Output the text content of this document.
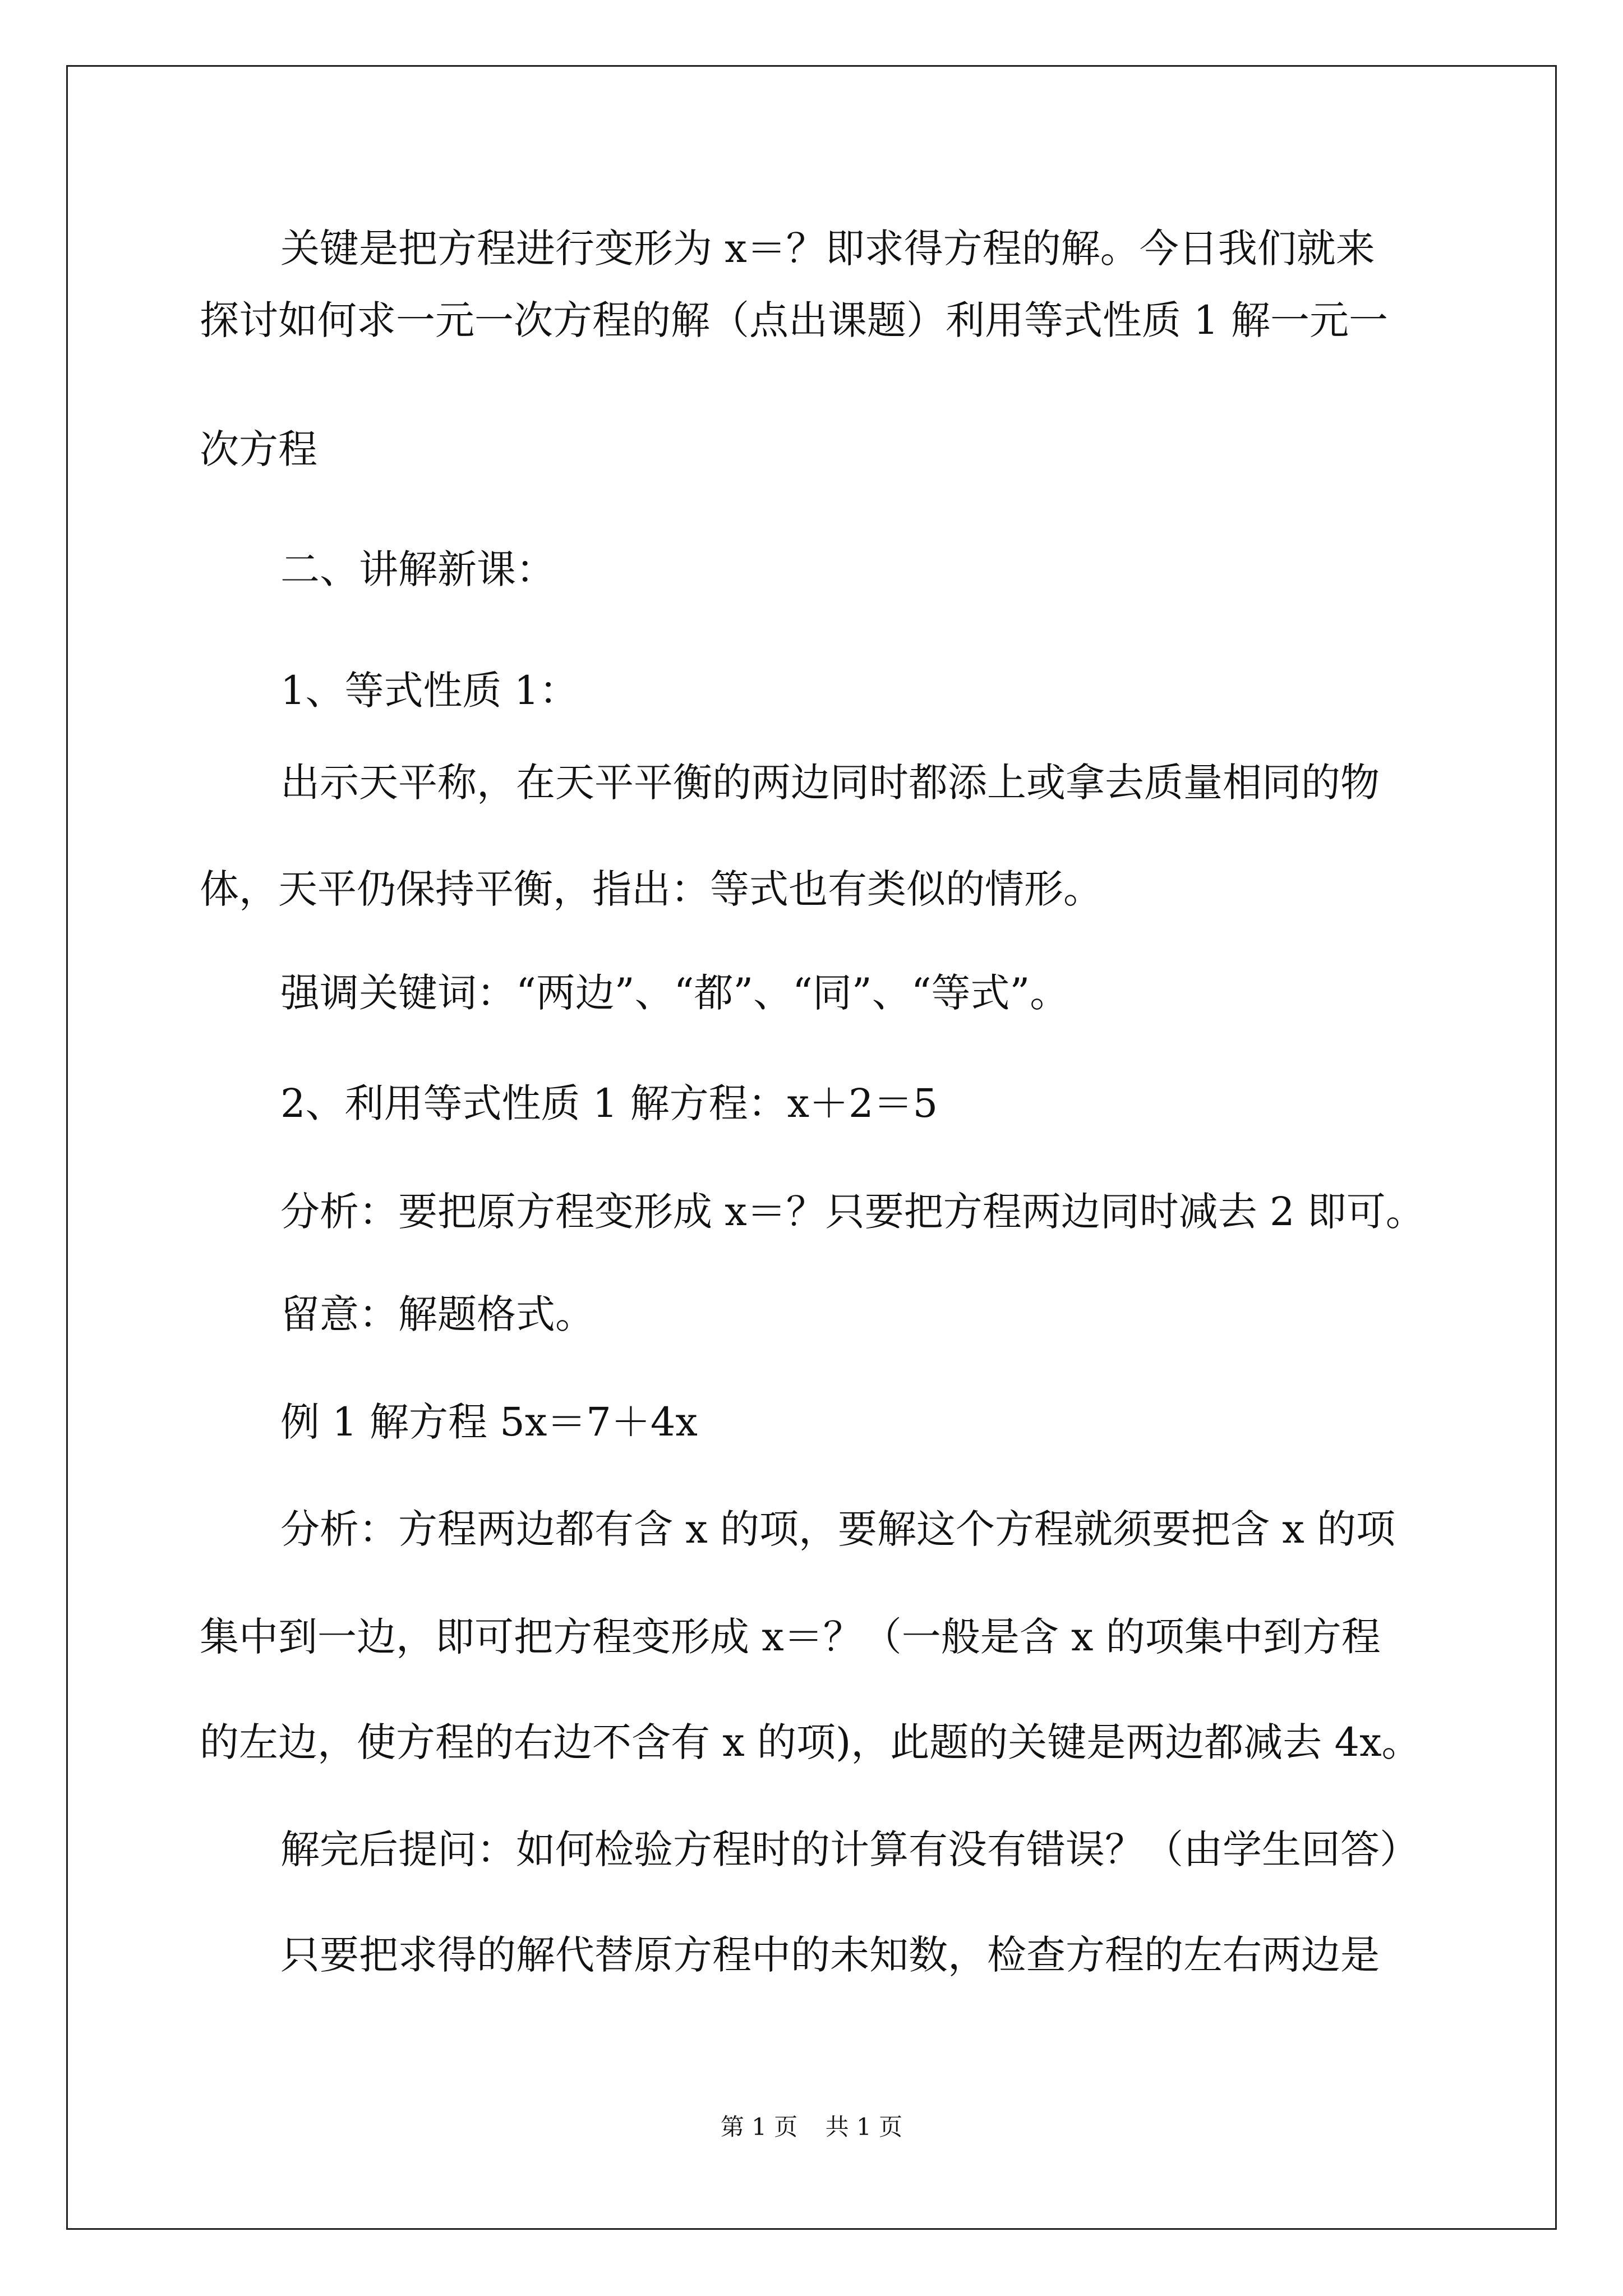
关键是把方程进行变形为 x＝？即求得方程的解。今日我们就来
探讨如何求一元一次方程的解（点出课题）利用等式性质 1 解一元一
次方程
二、讲解新课：
1、等式性质 1：
出示天平称，在天平平衡的两边同时都添上或拿去质量相同的物
体，天平仍保持平衡，指出：等式也有类似的情形。
强调关键词：“两边”、“都”、“同”、“等式”。
2、利用等式性质 1 解方程：x＋2＝5
分析：要把原方程变形成 x＝？只要把方程两边同时减去 2 即可。
留意：解题格式。
例 1 解方程 5x＝7＋4x
分析：方程两边都有含 x 的项，要解这个方程就须要把含 x 的项
集中到一边，即可把方程变形成 x＝？（一般是含 x 的项集中到方程
的左边，使方程的右边不含有 x 的项)，此题的关键是两边都减去 4x。
解完后提问：如何检验方程时的计算有没有错误？（由学生回答）
只要把求得的解代替原方程中的未知数，检查方程的左右两边是
第 1 页 共 1 页
